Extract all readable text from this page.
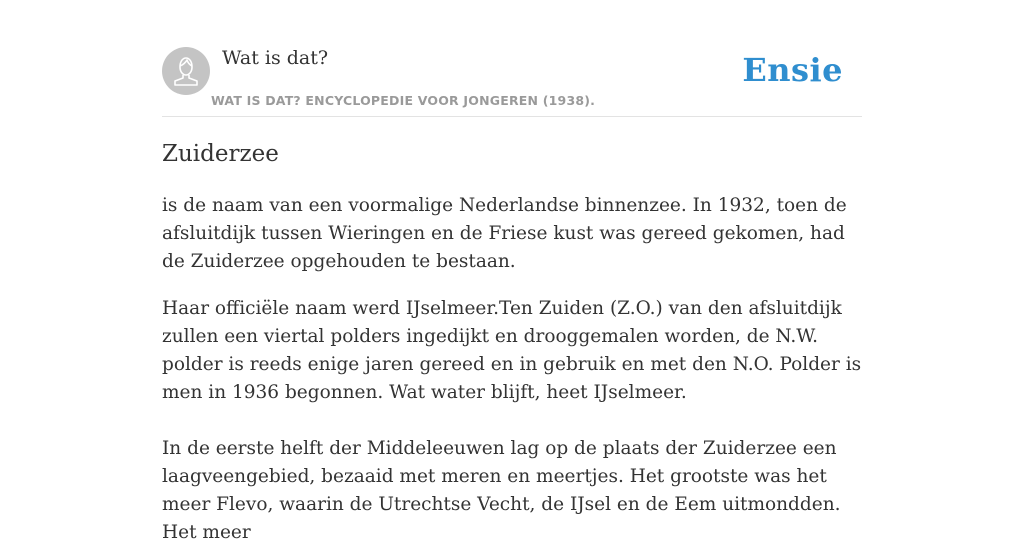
Wat is dat?
WAT IS DAT? ENCYCLOPEDIE VOOR JONGEREN (1938).
Ensie
Zuiderzee

is de naam van een voormalige Nederlandse binnenzee. In 1932, toen de afsluitdijk tussen Wieringen en de Friese kust was gereed gekomen, had de Zuiderzee opgehouden te bestaan.

Haar officiële naam werd IJselmeer.Ten Zuiden (Z.O.) van den afsluitdijk zullen een viertal polders ingedijkt en drooggemalen worden, de N.W. polder is reeds enige jaren gereed en in gebruik en met den N.O. Polder is men in 1936 begonnen. Wat water blijft, heet IJselmeer.

In de eerste helft der Middeleeuwen lag op de plaats der Zuiderzee een laagveengebied, bezaaid met meren en meertjes. Het grootste was het meer Flevo, waarin de Utrechtse Vecht, de IJsel en de Eem uitmondden. Het meer
